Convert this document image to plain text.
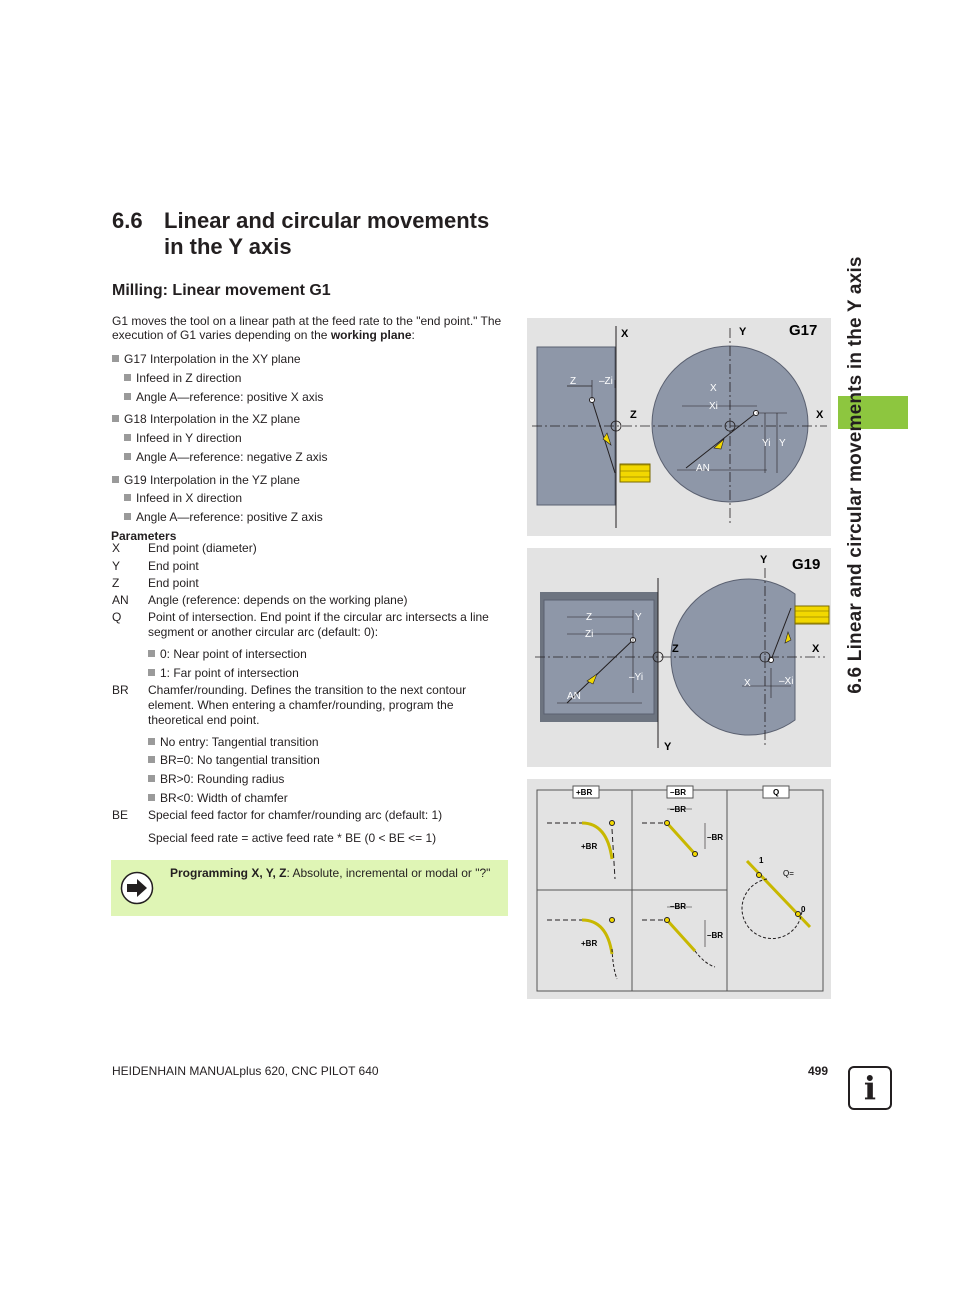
6.6 Linear and circular movements
in the Y axis
Milling: Linear movement G1
G1 moves the tool on a linear path at the feed rate to the "end point." The execution of G1 varies depending on the working plane:
G17 Interpolation in the XY plane
Infeed in Z direction
Angle A—reference: positive X axis
G18 Interpolation in the XZ plane
Infeed in Y direction
Angle A—reference: negative Z axis
G19 Interpolation in the YZ plane
Infeed in X direction
Angle A—reference: positive Z axis
Parameters
X End point (diameter)
Y End point
Z End point
AN Angle (reference: depends on the working plane)
Q Point of intersection. End point if the circular arc intersects a line segment or another circular arc (default: 0):
0: Near point of intersection
1: Far point of intersection
BR Chamfer/rounding. Defines the transition to the next contour element. When entering a chamfer/rounding, program the theoretical end point.
No entry: Tangential transition
BR=0: No tangential transition
BR>0: Rounding radius
BR<0: Width of chamfer
BE Special feed factor for chamfer/rounding arc (default: 1)
Special feed rate = active feed rate * BE (0 < BE <= 1)
Programming X, Y, Z: Absolute, incremental or modal or "?"
6.6 Linear and circular movements in the Y axis
X	Y	G17
Z	X
Z –Zi
X
Xi
Yi Y
AN
Y G19
Z	X
Y
Z
Zi
Y
–Yi
AN
X	–Xi
+BR	–BR	Q
+BR
–BR
–BR
1
Q=
0
+BR
–BR
–BR
HEIDENHAIN MANUALplus 620, CNC PILOT 640	499	i
